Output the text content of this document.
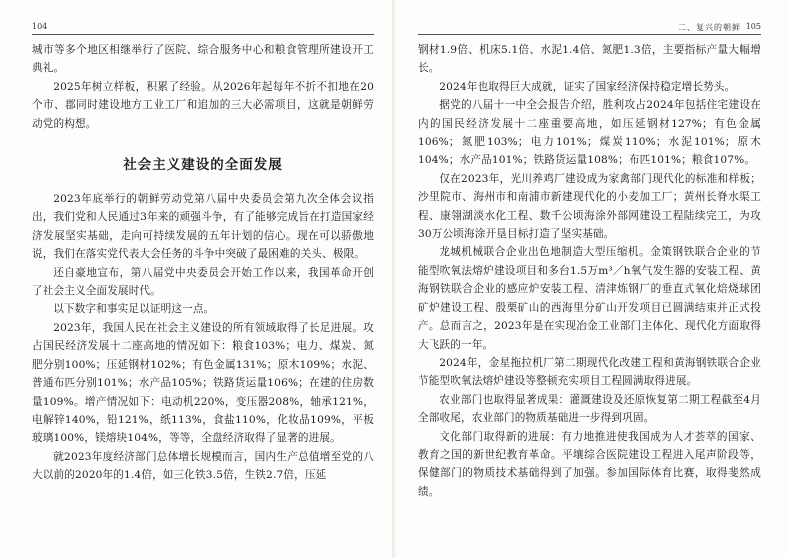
104

城市等多个地区相继举行了医院、综合服务中心和粮食管理所建设开工典礼。

2025年树立样板，积累了经验。从2026年起每年不折不扣地在20个市、郡同时建设地方工业工厂和追加的三大必需项目，这就是朝鲜劳动党的构想。

社会主义建设的全面发展

2023年底举行的朝鲜劳动党第八届中央委员会第九次全体会议指出，我们党和人民通过3年来的顽强斗争，有了能够完成旨在打造国家经济发展坚实基础，走向可持续发展的五年计划的信心。现在可以骄傲地说，我们在落实党代表大会任务的斗争中突破了最困难的关头、极限。

还自豪地宣布，第八届党中央委员会开始工作以来，我国革命开创了社会主义全面发展时代。

以下数字和事实足以证明这一点。

2023年，我国人民在社会主义建设的所有领域取得了长足进展。攻占国民经济发展十二座高地的情况如下：粮食103%；电力、煤炭、氮肥分别100%；压延钢材102%；有色金属131%；原木109%；水泥、普通布匹分别101%；水产品105%；铁路货运量106%；在建的住房数量109%。增产情况如下：电动机220%，变压器208%，轴承121%，电解锌140%，铅121%，纸113%，食盐110%，化妆品109%，平板玻璃100%，镁熔块104%，等等，全盘经济取得了显著的进展。

就2023年度经济部门总体增长规模而言，国内生产总值增至党的八大以前的2020年的1.4倍，如三化铁3.5倍，生铁2.7倍，压延

二、复兴的朝鲜 105

钢材1.9倍、机床5.1倍、水泥1.4倍、氮肥1.3倍，主要指标产量大幅增长。

2024年也取得巨大成就，证实了国家经济保持稳定增长势头。

据党的八届十一中全会报告介绍，胜利攻占2024年包括住宅建设在内的国民经济发展十二座重要高地，如压延钢材127%；有色金属106%；氮肥103%；电力101%；煤炭110%；水泥101%；原木104%；水产品101%；铁路货运量108%；布匹101%；粮食107%。

仅在2023年，光川养鸡厂建设成为家禽部门现代化的标准和样板；沙里院市、海州市和南浦市新建现代化的小麦加工厂；黄州长脊水渠工程、康翎湖淡水化工程、数千公顷海涂外部网建设工程陆续完工，为攻30万公顷海涂开垦目标打造了坚实基础。

龙城机械联合企业出色地制造大型压缩机。金策钢铁联合企业的节能型吹氧法熔炉建设项目和多台1.5万m³／h氧气发生器的安装工程、黄海钢铁联合企业的感应炉安装工程、清津炼钢厂的垂直式氧化焙烧球团矿炉建设工程、殷栗矿山的西海里分矿山开发项目已圆满结束并正式投产。总而言之，2023年是在实现冶金工业部门主体化、现代化方面取得大飞跃的一年。

2024年，金星拖拉机厂第二期现代化改建工程和黄海钢铁联合企业节能型吹氧法熔炉建设等整顿充实项目工程圆满取得进展。

农业部门也取得显著成果：灌溉建设及还原恢复第二期工程截至4月全部收尾，农业部门的物质基础进一步得到巩固。

文化部门取得新的进展：有力地推进使我国成为人才荟萃的国家、教育之国的新世纪教育革命。平壤综合医院建设工程进入尾声阶段等，保健部门的物质技术基础得到了加强。参加国际体育比赛，取得斐然成绩。
